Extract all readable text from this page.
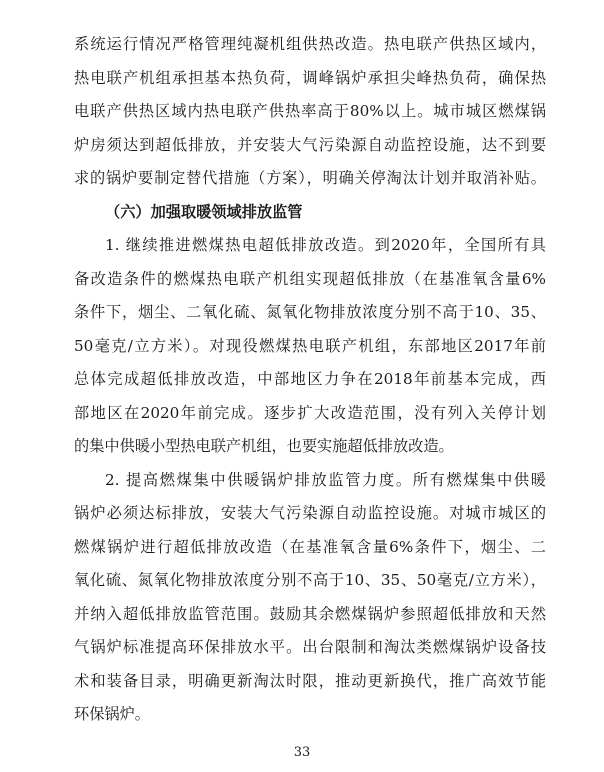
系统运行情况严格管理纯凝机组供热改造。热电联产供热区域内，
热电联产机组承担基本热负荷，调峰锅炉承担尖峰热负荷，确保热
电联产供热区域内热电联产供热率高于80%以上。城市城区燃煤锅
炉房须达到超低排放，并安装大气污染源自动监控设施，达不到要
求的锅炉要制定替代措施（方案），明确关停淘汰计划并取消补贴。
（六）加强取暖领域排放监管
1. 继续推进燃煤热电超低排放改造。到2020年，全国所有具
备改造条件的燃煤热电联产机组实现超低排放（在基准氧含量6%
条件下，烟尘、二氧化硫、氮氧化物排放浓度分别不高于10、35、
50毫克/立方米）。对现役燃煤热电联产机组，东部地区2017年前
总体完成超低排放改造，中部地区力争在2018年前基本完成，西
部地区在2020年前完成。逐步扩大改造范围，没有列入关停计划
的集中供暖小型热电联产机组，也要实施超低排放改造。
2. 提高燃煤集中供暖锅炉排放监管力度。所有燃煤集中供暖
锅炉必须达标排放，安装大气污染源自动监控设施。对城市城区的
燃煤锅炉进行超低排放改造（在基准氧含量6%条件下，烟尘、二
氧化硫、氮氧化物排放浓度分别不高于10、35、50毫克/立方米），
并纳入超低排放监管范围。鼓励其余燃煤锅炉参照超低排放和天然
气锅炉标准提高环保排放水平。出台限制和淘汰类燃煤锅炉设备技
术和装备目录，明确更新淘汰时限，推动更新换代，推广高效节能
环保锅炉。
33
